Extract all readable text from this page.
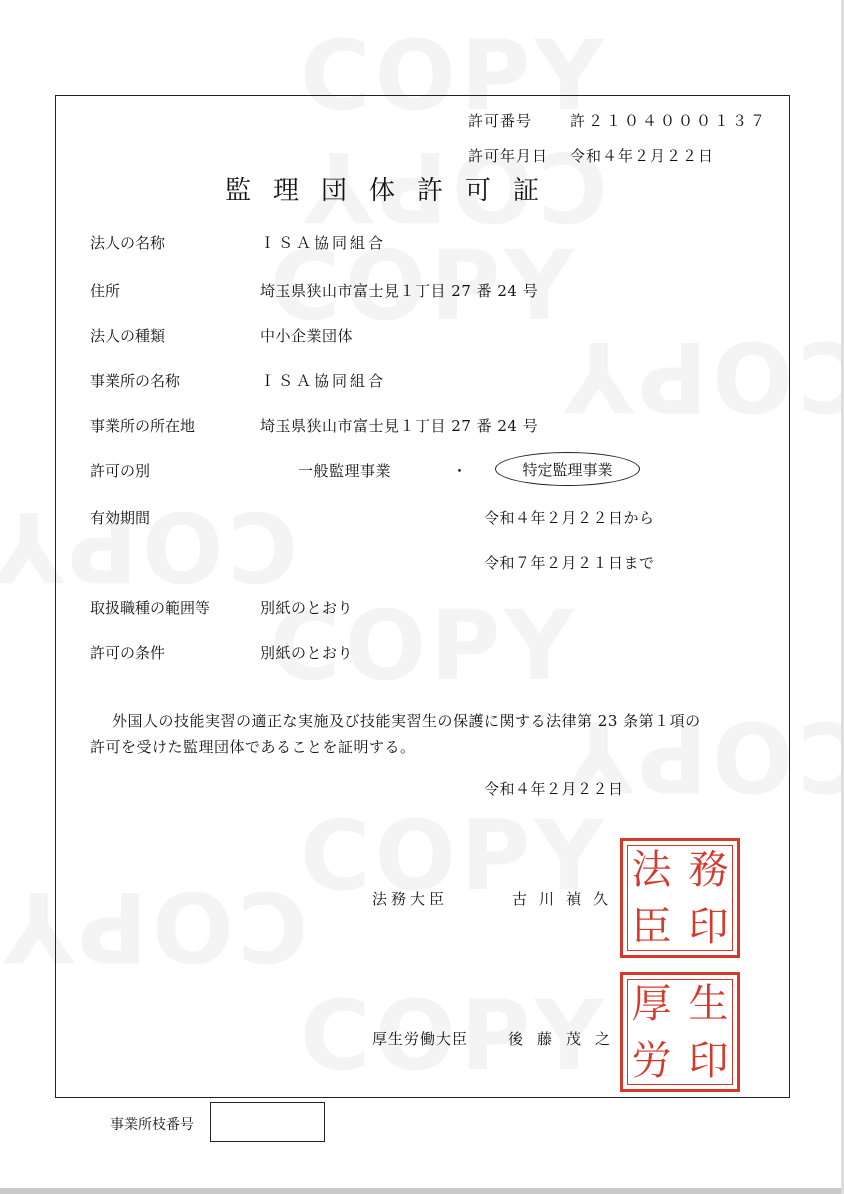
許可番号	許２１０４０００１３７
許可年月日 令和４年２月２２日
監理団体許可証
法人の名称	ＩＳＡ協同組合
住所	埼玉県狭山市富士見１丁目 27 番 24 号
法人の種類	中小企業団体
事業所の名称	ＩＳＡ協同組合
事業所の所在地	埼玉県狭山市富士見１丁目 27 番 24 号
許可の別	一般監理事業	・	特定監理事業
有効期間	令和４年２月２２日から
令和７年２月２１日まで
取扱職種の範囲等	別紙のとおり
許可の条件	別紙のとおり
外国人の技能実習の適正な実施及び技能実習生の保護に関する法律第 23 条第１項の
許可を受けた監理団体であることを証明する。
令和４年２月２２日
法務大臣	古川禎久
厚生労働大臣	後藤茂之
法 務
臣 印
厚 生
労 印
事業所枝番号
